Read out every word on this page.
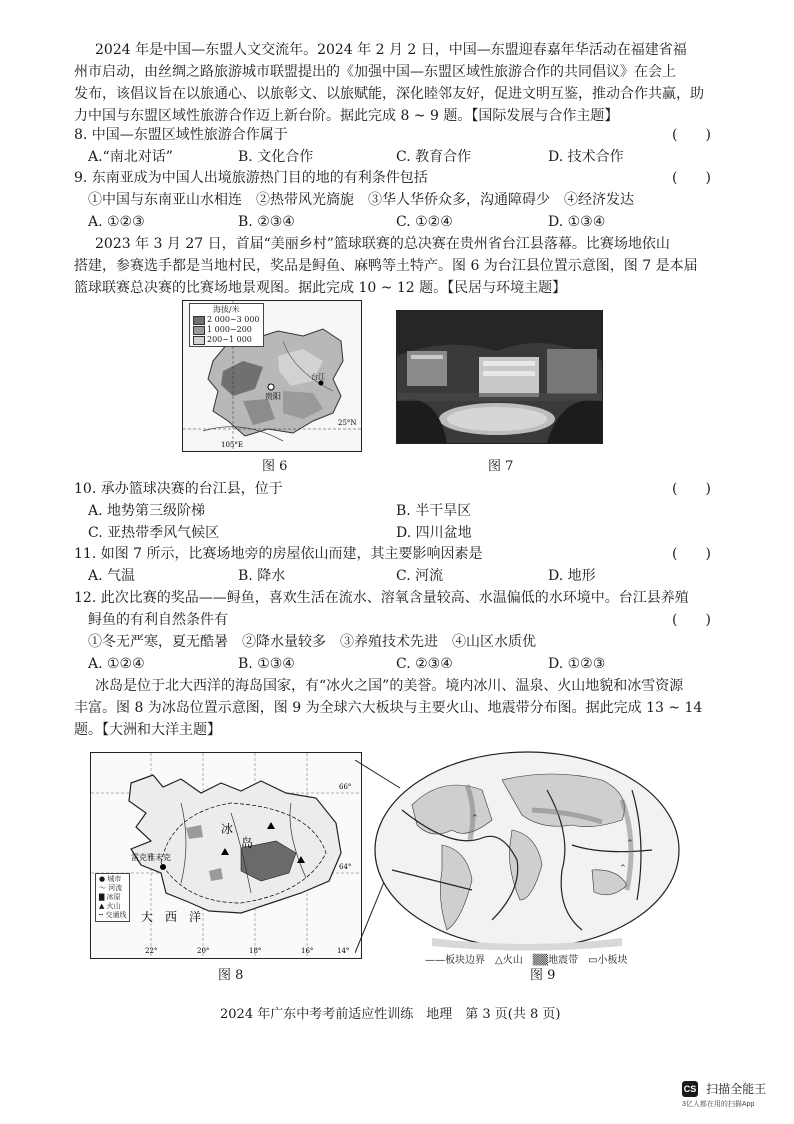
2024 年是中国—东盟人文交流年。2024 年 2 月 2 日，中国—东盟迎春嘉年华活动在福建省福
州市启动，由丝绸之路旅游城市联盟提出的《加强中国—东盟区域性旅游合作的共同倡议》在会上
发布，该倡议旨在以旅通心、以旅彰文、以旅赋能，深化睦邻友好，促进文明互鉴，推动合作共赢，助
力中国与东盟区域性旅游合作迈上新台阶。据此完成 8 ~ 9 题。【国际发展与合作主题】
8. 中国—东盟区域性旅游合作属于	(　　)
A.“南北对话”	B. 文化合作	C. 教育合作	D. 技术合作
9. 东南亚成为中国人出境旅游热门目的地的有利条件包括	(　　)
①中国与东南亚山水相连　②热带风光旖旎　③华人华侨众多，沟通障碍少　④经济发达
A. ①②③	B. ②③④	C. ①②④	D. ①③④
2023 年 3 月 27 日，首届“美丽乡村”篮球联赛的总决赛在贵州省台江县落幕。比赛场地依山
搭建，参赛选手都是当地村民，奖品是鲟鱼、麻鸭等土特产。图 6 为台江县位置示意图，图 7 是本届
篮球联赛总决赛的比赛场地景观图。据此完成 10 ~ 12 题。【民居与环境主题】
贵阳
台江
105°E
25°N
海拔/米
2 000~3 000
1 000~200
200~1 000
图 6	图 7
10. 承办篮球决赛的台江县，位于	(　　)
A. 地势第三级阶梯	B. 半干旱区
C. 亚热带季风气候区	D. 四川盆地
11. 如图 7 所示，比赛场地旁的房屋依山而建，其主要影响因素是	(　　)
A. 气温	B. 降水	C. 河流	D. 地形
12. 此次比赛的奖品——鲟鱼，喜欢生活在流水、溶氧含量较高、水温偏低的水环境中。台江县养殖
鲟鱼的有利自然条件有	(　　)
①冬无严寒，夏无酷暑　②降水量较多　③养殖技术先进　④山区水质优
A. ①②④	B. ①③④	C. ②③④	D. ①②③
冰岛是位于北大西洋的海岛国家，有“冰火之国”的美誉。境内冰川、温泉、火山地貌和冰雪资源
丰富。图 8 为冰岛位置示意图，图 9 为全球六大板块与主要火山、地震带分布图。据此完成 13 ~ 14
题。【大洲和大洋主题】
雷克雅未克
冰
岛
大　西　洋
66°
64°
22°	20°	18°	16°	14°
● 城市
～ 河流
▇ 冰原
▲ 火山
┅ 交通线
图 8
^
^
^
——板块边界　△火山　▒▒地震带　▭小板块
图 9
2024 年广东中考考前适应性训练　地理　第 3 页(共 8 页)
CS 扫描全能王
3亿人都在用的扫描App
